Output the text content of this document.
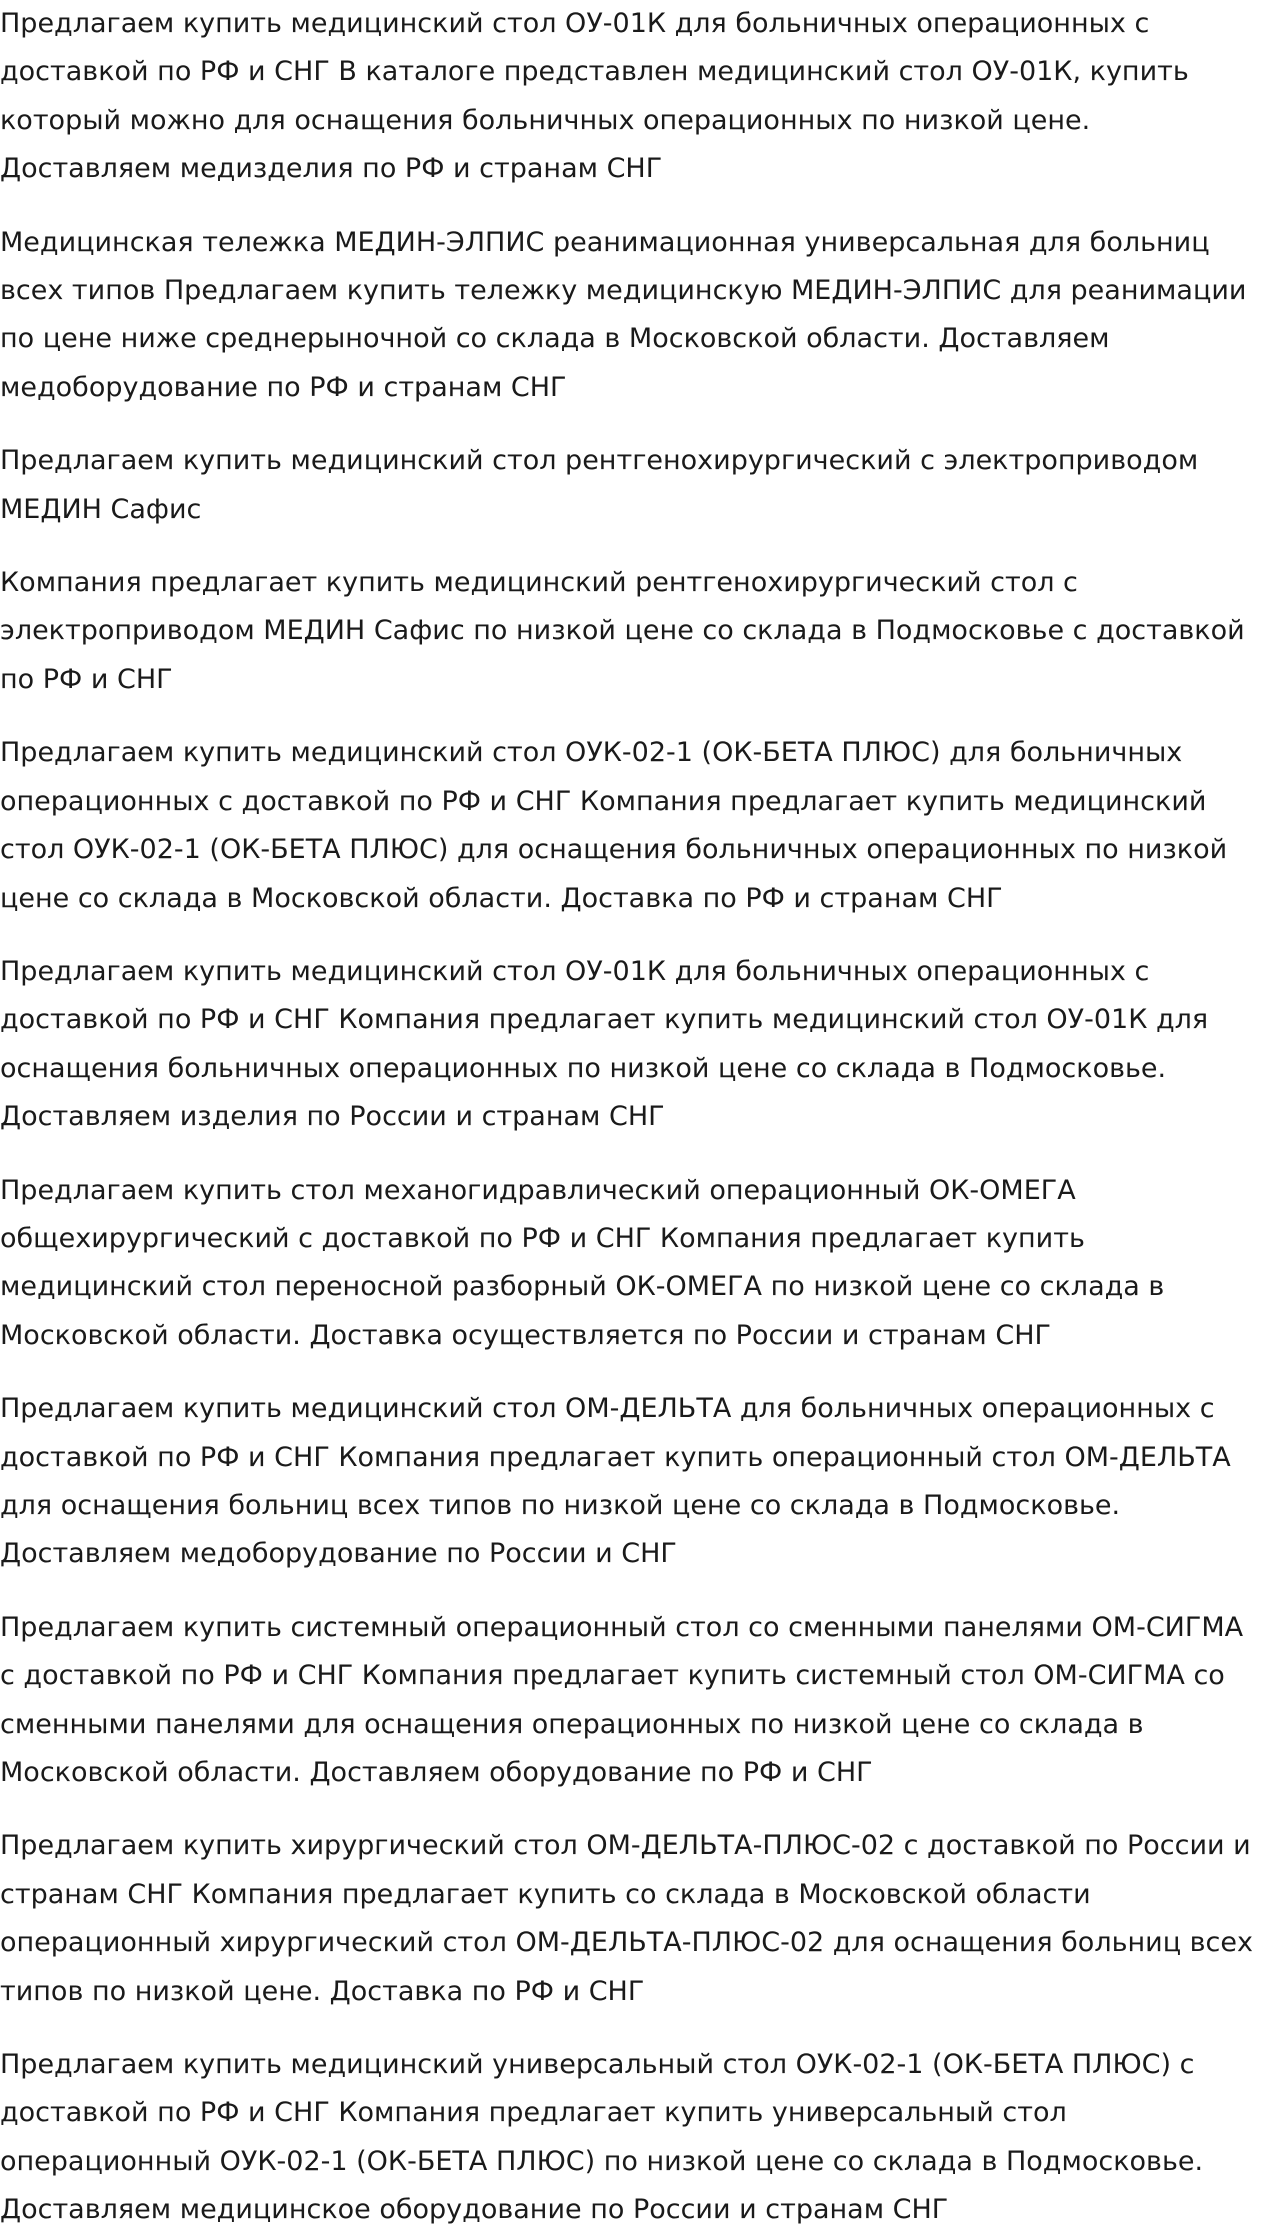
Предлагаем купить медицинский стол ОУ-01К для больничных операционных с доставкой по РФ и СНГ В каталоге представлен медицинский стол ОУ-01К, купить который можно для оснащения больничных операционных по низкой цене. Доставляем медизделия по РФ и странам СНГ

Медицинская тележка МЕДИН-ЭЛПИС реанимационная универсальная для больниц всех типов Предлагаем купить тележку медицинскую МЕДИН-ЭЛПИС для реанимации по цене ниже среднерыночной со склада в Московской области. Доставляем медоборудование по РФ и странам СНГ

Предлагаем купить медицинский стол рентгенохирургический с электроприводом МЕДИН Сафис

Компания предлагает купить медицинский рентгенохирургический стол с электроприводом МЕДИН Сафис по низкой цене со склада в Подмосковье с доставкой по РФ и СНГ

Предлагаем купить медицинский стол ОУК-02-1 (ОК-БЕТА ПЛЮС) для больничных операционных с доставкой по РФ и СНГ Компания предлагает купить медицинский стол ОУК-02-1 (ОК-БЕТА ПЛЮС) для оснащения больничных операционных по низкой цене со склада в Московской области. Доставка по РФ и странам СНГ

Предлагаем купить медицинский стол ОУ-01К для больничных операционных с доставкой по РФ и СНГ Компания предлагает купить медицинский стол ОУ-01К для оснащения больничных операционных по низкой цене со склада в Подмосковье. Доставляем изделия по России и странам СНГ

Предлагаем купить стол механогидравлический операционный ОК-ОМЕГА общехирургический с доставкой по РФ и СНГ Компания предлагает купить медицинский стол переносной разборный ОК-ОМЕГА по низкой цене со склада в Московской области. Доставка осуществляется по России и странам СНГ

Предлагаем купить медицинский стол ОМ-ДЕЛЬТА для больничных операционных с доставкой по РФ и СНГ Компания предлагает купить операционный стол ОМ-ДЕЛЬТА для оснащения больниц всех типов по низкой цене со склада в Подмосковье. Доставляем медоборудование по России и СНГ

Предлагаем купить системный операционный стол со сменными панелями ОМ-СИГМА с доставкой по РФ и СНГ Компания предлагает купить системный стол ОМ-СИГМА со сменными панелями для оснащения операционных по низкой цене со склада в Московской области. Доставляем оборудование по РФ и СНГ

Предлагаем купить хирургический стол ОМ-ДЕЛЬТА-ПЛЮС-02 с доставкой по России и странам СНГ Компания предлагает купить со склада в Московской области операционный хирургический стол ОМ-ДЕЛЬТА-ПЛЮС-02 для оснащения больниц всех типов по низкой цене. Доставка по РФ и СНГ

Предлагаем купить медицинский универсальный стол ОУК-02-1 (ОК-БЕТА ПЛЮС) с доставкой по РФ и СНГ Компания предлагает купить универсальный стол операционный ОУК-02-1 (ОК-БЕТА ПЛЮС) по низкой цене со склада в Подмосковье. Доставляем медицинское оборудование по России и странам СНГ
